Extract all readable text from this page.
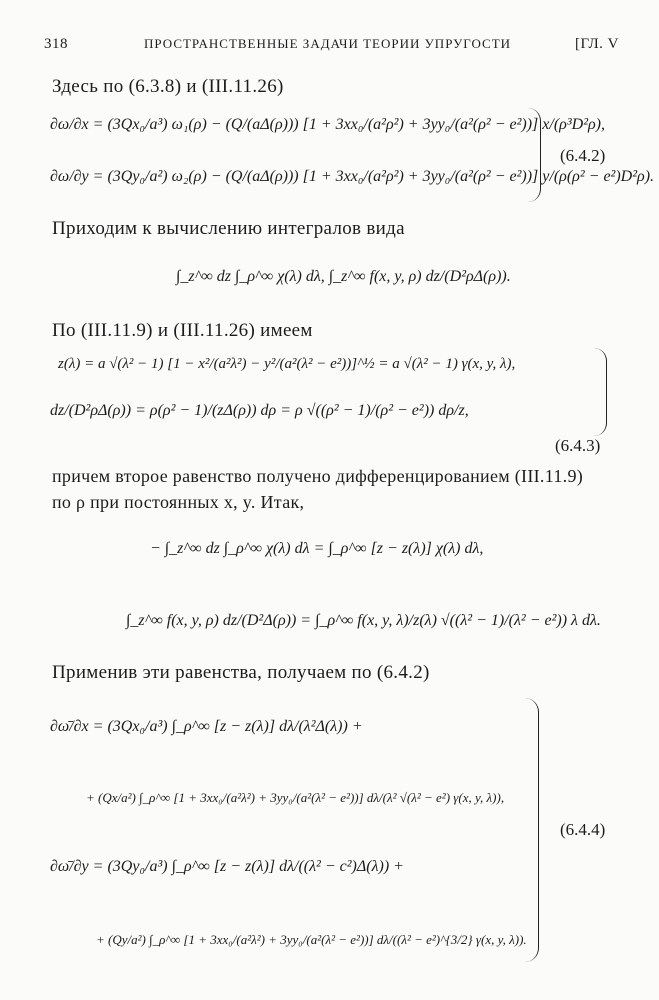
318	ПРОСТРАНСТВЕННЫЕ ЗАДАЧИ ТЕОРИИ УПРУГОСТИ	[ГЛ. V
Здесь по (6.3.8) и (III.11.26)
∂ω/∂x = (3Qx₀/a³) ω₁(ρ) − (Q/(aΔ(ρ))) [1 + 3xx₀/(a²ρ²) + 3yy₀/(a²(ρ² − e²))] x/(ρ³D²ρ),
∂ω/∂y = (3Qy₀/a²) ω₂(ρ) − (Q/(aΔ(ρ))) [1 + 3xx₀/(a²ρ²) + 3yy₀/(a²(ρ² − e²))] y/(ρ(ρ² − e²)D²ρ).
(6.4.2)
Приходим к вычислению интегралов вида
∫_z^∞ dz ∫_ρ^∞ χ(λ) dλ, ∫_z^∞ f(x, y, ρ) dz/(D²ρΔ(ρ)).
По (III.11.9) и (III.11.26) имеем
z(λ) = a √(λ² − 1) [1 − x²/(a²λ²) − y²/(a²(λ² − e²))]^½ = a √(λ² − 1) γ(x, y, λ),
dz/(D²ρΔ(ρ)) = ρ(ρ² − 1)/(zΔ(ρ)) dρ = ρ √((ρ² − 1)/(ρ² − e²)) dρ/z,
(6.4.3)
причем второе равенство получено дифференцированием (III.11.9)
по ρ при постоянных x, y. Итак,
− ∫_z^∞ dz ∫_ρ^∞ χ(λ) dλ = ∫_ρ^∞ [z − z(λ)] χ(λ) dλ,
∫_z^∞ f(x, y, ρ) dz/(D²Δ(ρ)) = ∫_ρ^∞ f(x, y, λ)/z(λ) √((λ² − 1)/(λ² − e²)) λ dλ.
Применив эти равенства, получаем по (6.4.2)
∂ω̄/∂x = (3Qx₀/a³) ∫_ρ^∞ [z − z(λ)] dλ/(λ²Δ(λ)) +
+ (Qx/a²) ∫_ρ^∞ [1 + 3xx₀/(a²λ²) + 3yy₀/(a²(λ² − e²))] dλ/(λ² √(λ² − e²) γ(x, y, λ)),
∂ω̄/∂y = (3Qy₀/a³) ∫_ρ^∞ [z − z(λ)] dλ/((λ² − c²)Δ(λ)) +
+ (Qy/a²) ∫_ρ^∞ [1 + 3xx₀/(a²λ²) + 3yy₀/(a²(λ² − e²))] dλ/((λ² − e²)^{3/2} γ(x, y, λ)).
(6.4.4)
